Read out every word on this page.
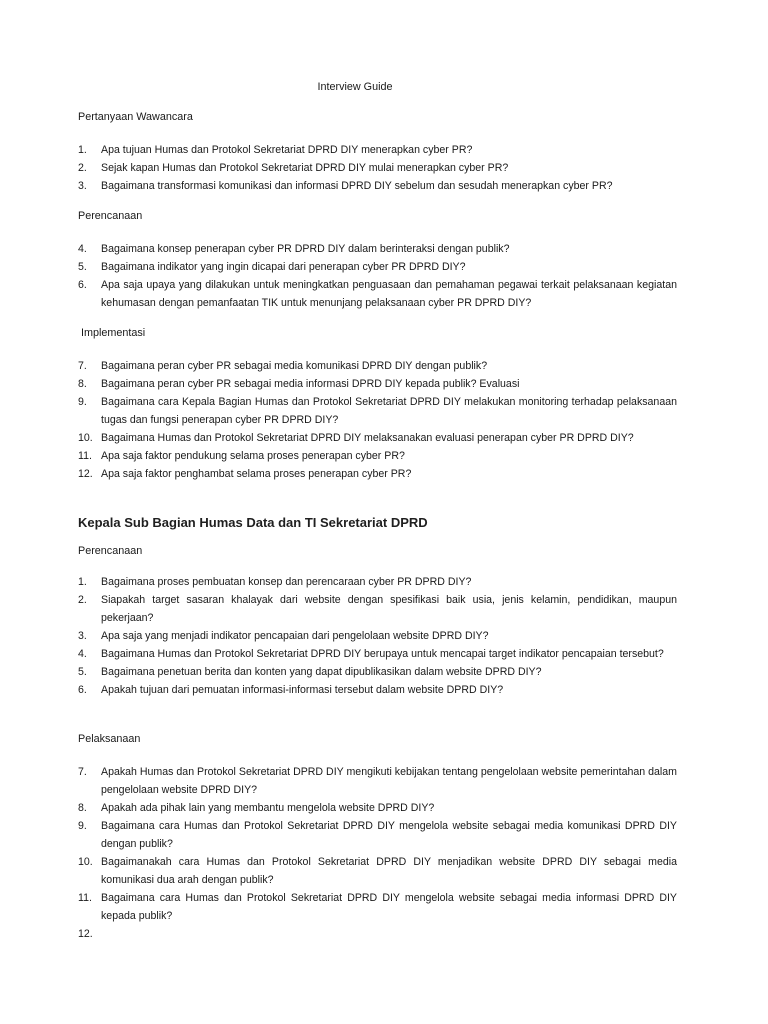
Interview Guide
Pertanyaan Wawancara
1. Apa tujuan Humas dan Protokol Sekretariat DPRD DIY menerapkan cyber PR?
2. Sejak kapan Humas dan Protokol Sekretariat DPRD DIY mulai menerapkan cyber PR?
3. Bagaimana transformasi komunikasi dan informasi DPRD DIY sebelum dan sesudah menerapkan cyber PR?
Perencanaan
4. Bagaimana konsep penerapan cyber PR DPRD DIY dalam berinteraksi dengan publik?
5. Bagaimana indikator yang ingin dicapai dari penerapan cyber PR DPRD DIY?
6. Apa saja upaya yang dilakukan untuk meningkatkan penguasaan dan pemahaman pegawai terkait pelaksanaan kegiatan kehumasan dengan pemanfaatan TIK untuk menunjang pelaksanaan cyber PR DPRD DIY?
Implementasi
7. Bagaimana peran cyber PR sebagai media komunikasi DPRD DIY dengan publik?
8. Bagaimana peran cyber PR sebagai media informasi DPRD DIY kepada publik? Evaluasi
9. Bagaimana cara Kepala Bagian Humas dan Protokol Sekretariat DPRD DIY melakukan monitoring terhadap pelaksanaan tugas dan fungsi penerapan cyber PR DPRD DIY?
10. Bagaimana Humas dan Protokol Sekretariat DPRD DIY melaksanakan evaluasi penerapan cyber PR DPRD DIY?
11. Apa saja faktor pendukung selama proses penerapan cyber PR?
12. Apa saja faktor penghambat selama proses penerapan cyber PR?
Kepala Sub Bagian Humas Data dan TI Sekretariat DPRD
Perencanaan
1. Bagaimana proses pembuatan konsep dan perencaraan cyber PR DPRD DIY?
2. Siapakah target sasaran khalayak dari website dengan spesifikasi baik usia, jenis kelamin, pendidikan, maupun pekerjaan?
3. Apa saja yang menjadi indikator pencapaian dari pengelolaan website DPRD DIY?
4. Bagaimana Humas dan Protokol Sekretariat DPRD DIY berupaya untuk mencapai target indikator pencapaian tersebut?
5. Bagaimana penetuan berita dan konten yang dapat dipublikasikan dalam website DPRD DIY?
6. Apakah tujuan dari pemuatan informasi-informasi tersebut dalam website DPRD DIY?
Pelaksanaan
7. Apakah Humas dan Protokol Sekretariat DPRD DIY mengikuti kebijakan tentang pengelolaan website pemerintahan dalam pengelolaan website DPRD DIY?
8. Apakah ada pihak lain yang membantu mengelola website DPRD DIY?
9. Bagaimana cara Humas dan Protokol Sekretariat DPRD DIY mengelola website sebagai media komunikasi DPRD DIY dengan publik?
10. Bagaimanakah cara Humas dan Protokol Sekretariat DPRD DIY menjadikan website DPRD DIY sebagai media komunikasi dua arah dengan publik?
11. Bagaimana cara Humas dan Protokol Sekretariat DPRD DIY mengelola website sebagai media informasi DPRD DIY kepada publik?
12.
